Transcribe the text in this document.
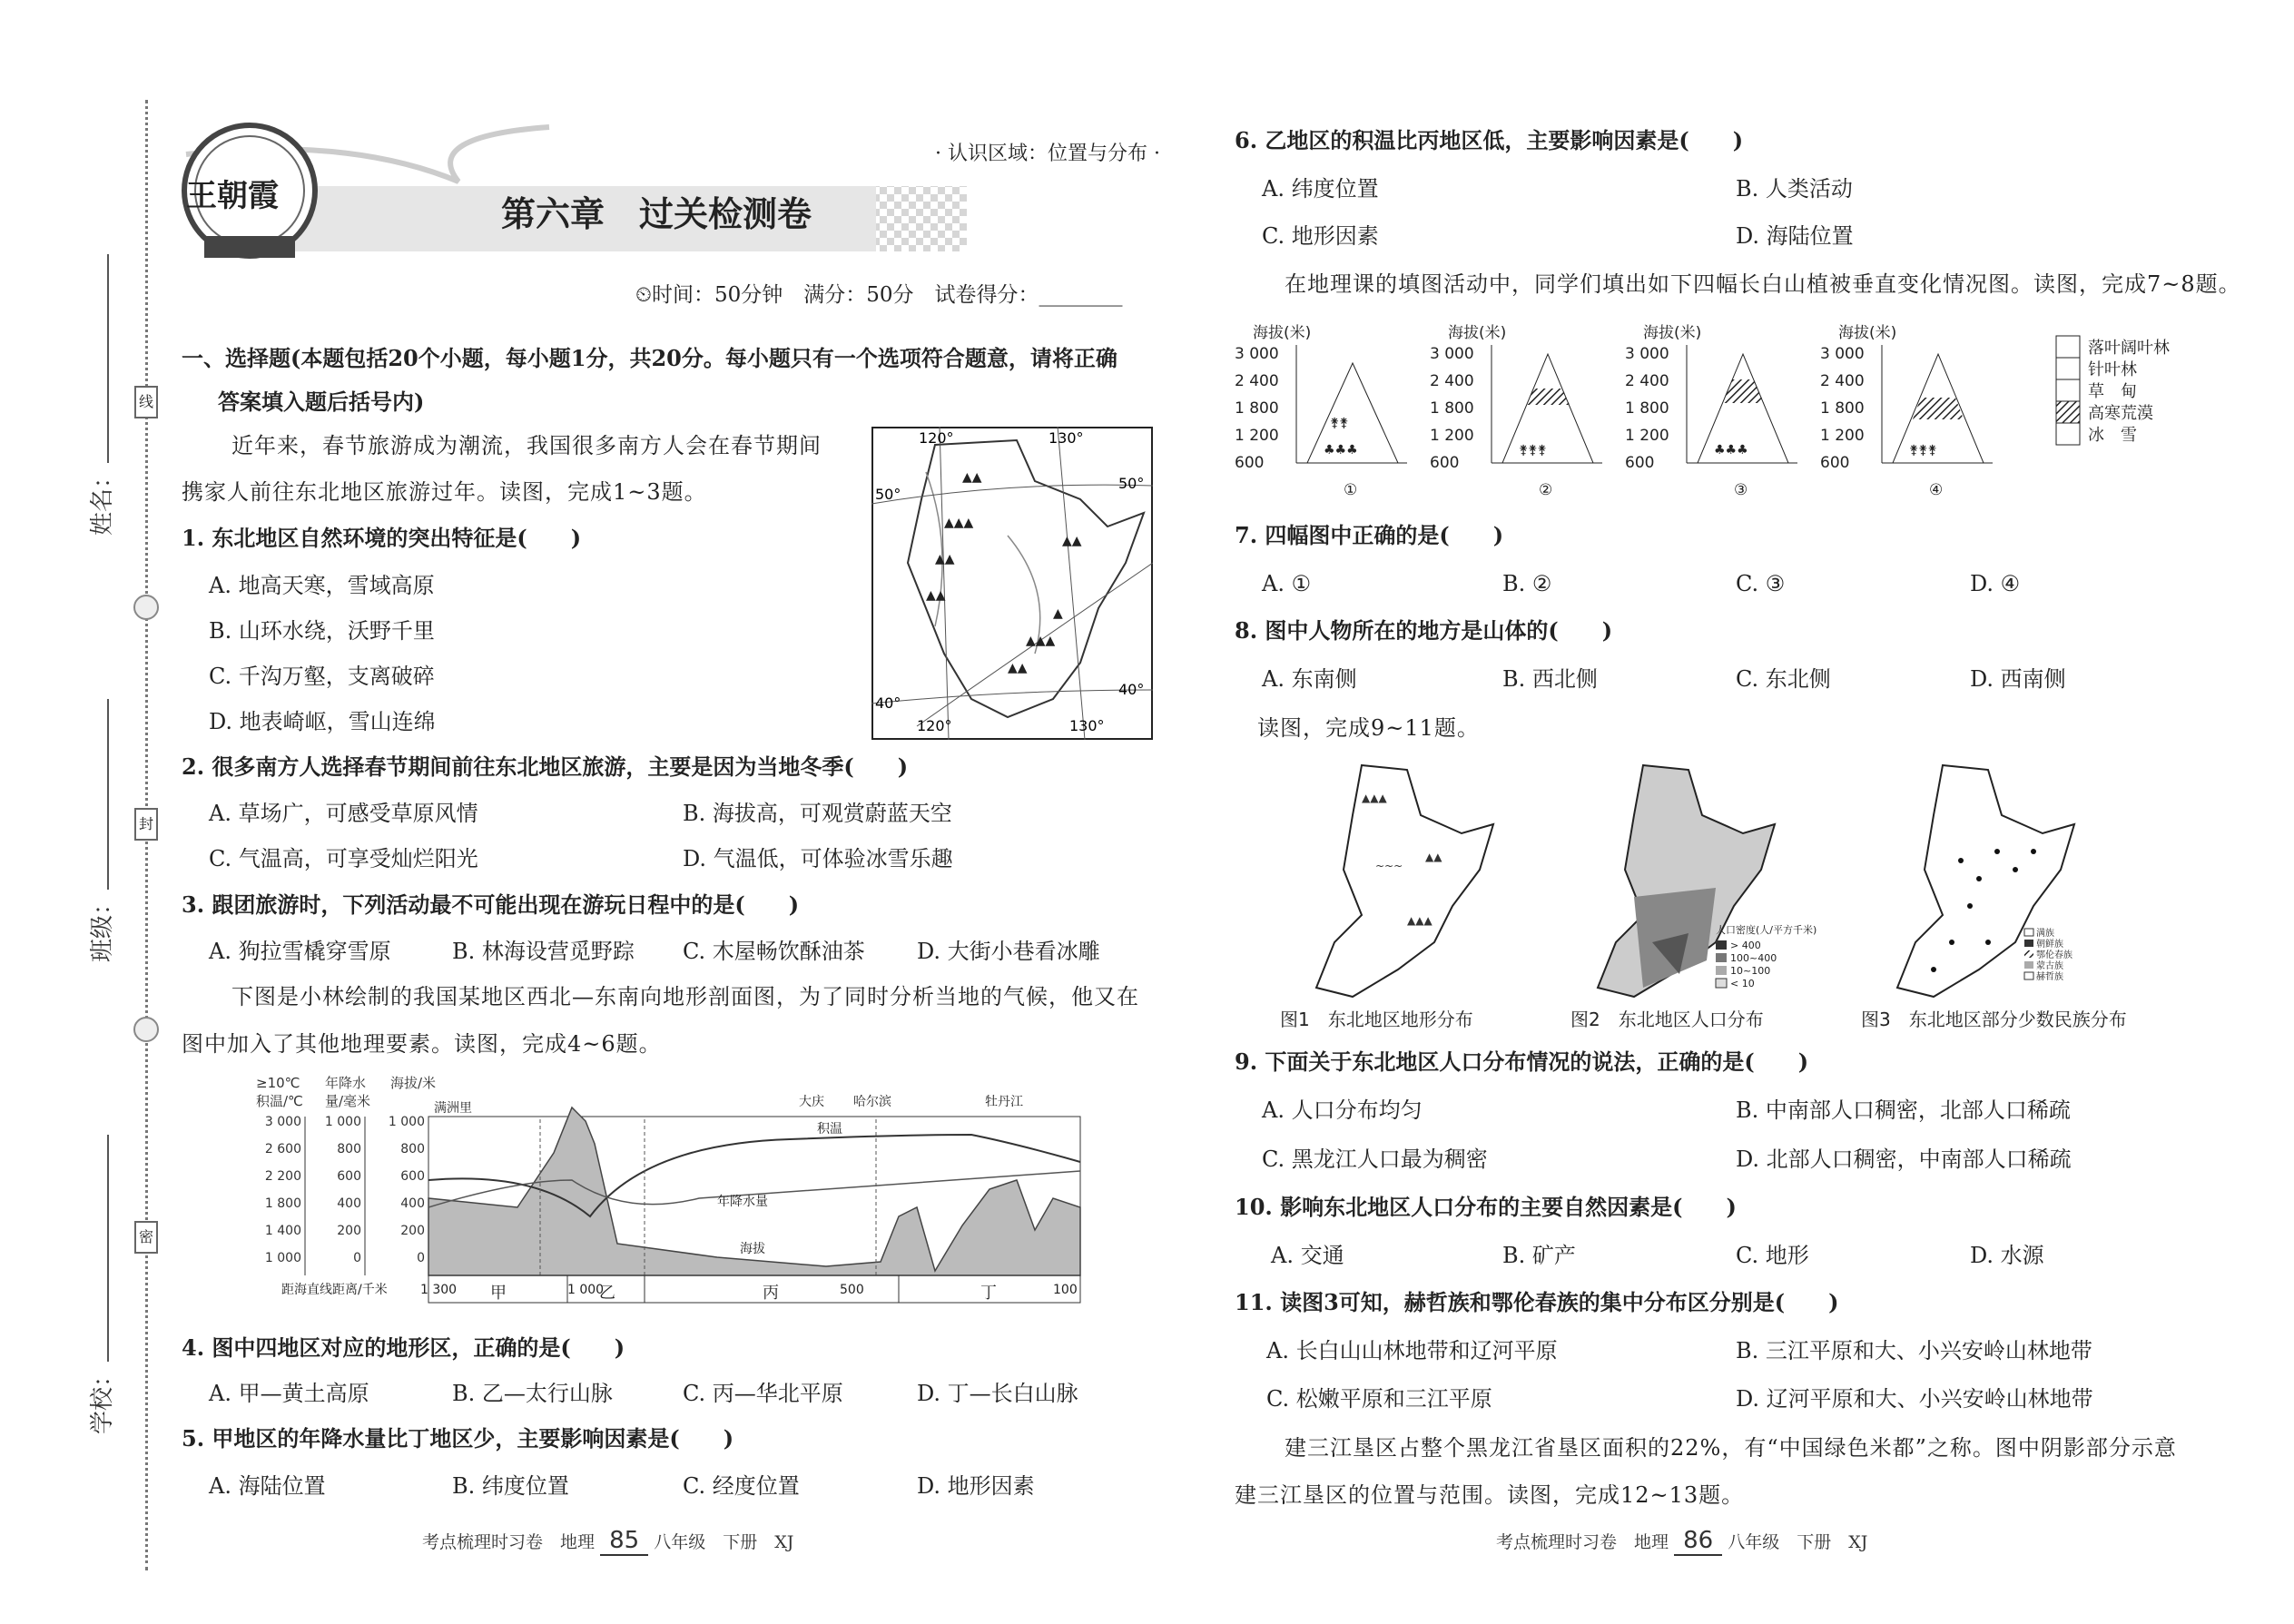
线
封
密
姓名：
班级：
学校：
王朝霞
· 认识区域：位置与分布 ·
第六章　过关检测卷
⏲时间：50分钟　满分：50分　试卷得分：________
一、选择题(本题包括20个小题，每小题1分，共20分。每小题只有一个选项符合题意，请将正确
答案填入题后括号内)
近年来，春节旅游成为潮流，我国很多南方人会在春节期间
携家人前往东北地区旅游过年。读图，完成1~3题。
▲▲
▲▲▲
▲▲
▲▲
▲▲
▲▲▲
▲▲
▲
120°	130°
50°
50°
40°
40°
120°	130°
1. 东北地区自然环境的突出特征是(　　)
A. 地高天寒，雪域高原
B. 山环水绕，沃野千里
C. 千沟万壑，支离破碎
D. 地表崎岖，雪山连绵
2. 很多南方人选择春节期间前往东北地区旅游，主要是因为当地冬季(　　)
A. 草场广，可感受草原风情	B. 海拔高，可观赏蔚蓝天空
C. 气温高，可享受灿烂阳光	D. 气温低，可体验冰雪乐趣
3. 跟团旅游时，下列活动最不可能出现在游玩日程中的是(　　)
A. 狗拉雪橇穿雪原	B. 林海设营觅野踪 C. 木屋畅饮酥油茶 D. 大街小巷看冰雕
下图是小林绘制的我国某地区西北—东南向地形剖面图，为了同时分析当地的气候，他又在
图中加入了其他地理要素。读图，完成4~6题。
≥10℃
积温/℃
年降水
量/毫米
海拔/米
3 000
2 600
2 200
1 800
1 400
1 000
1 000
800
600
400
200
0
1 000
800
600
400
200
0
满洲里	大庆 哈尔滨	牡丹江
积温
年降水量
海拔
距海直线距离/千米	1 300	1 000	500	100
甲	乙	丙	丁
4. 图中四地区对应的地形区，正确的是(　　)
A. 甲—黄土高原	B. 乙—太行山脉	C. 丙—华北平原	D. 丁—长白山脉
5. 甲地区的年降水量比丁地区少，主要影响因素是(　　)
A. 海陆位置	B. 纬度位置	C. 经度位置	D. 地形因素
考点梳理时习卷　地理 85 八年级　下册　XJ
6. 乙地区的积温比丙地区低，主要影响因素是(　　)
A. 纬度位置	B. 人类活动
C. 地形因素	D. 海陆位置
在地理课的填图活动中，同学们填出如下四幅长白山植被垂直变化情况图。读图，完成7~8题。
海拔(米)
3 000
2 400
1 800
1 200
600
♣♣♣
⚵⚵
①
海拔(米)
3 000
2 400
1 800
1 200
600
⚵⚵⚵
②
海拔(米)
3 000
2 400
1 800
1 200
600
♣♣♣
③
海拔(米)
3 000
2 400
1 800
1 200
600
⚵⚵⚵
④
落叶阔叶林
针叶林
草　甸
高寒荒漠
冰　雪
7. 四幅图中正确的是(　　)
A. ①	B. ②	C. ③	D. ④
8. 图中人物所在的地方是山体的(　　)
A. 东南侧	B. 西北侧	C. 东北侧	D. 西南侧
读图，完成9~11题。
▲▲▲
▲▲
▲▲▲
~~~
人口密度(人/平方千米)
> 400
100~400
10~100
< 10
满族
朝鲜族
鄂伦春族
蒙古族
赫哲族
图1　东北地区地形分布	图2　东北地区人口分布	图3　东北地区部分少数民族分布
9. 下面关于东北地区人口分布情况的说法，正确的是(　　)
A. 人口分布均匀	B. 中南部人口稠密，北部人口稀疏
C. 黑龙江人口最为稠密	D. 北部人口稠密，中南部人口稀疏
10. 影响东北地区人口分布的主要自然因素是(　　)
A. 交通	B. 矿产	C. 地形	D. 水源
11. 读图3可知，赫哲族和鄂伦春族的集中分布区分别是(　　)
A. 长白山山林地带和辽河平原	B. 三江平原和大、小兴安岭山林地带
C. 松嫩平原和三江平原	D. 辽河平原和大、小兴安岭山林地带
建三江垦区占整个黑龙江省垦区面积的22%，有“中国绿色米都”之称。图中阴影部分示意
建三江垦区的位置与范围。读图，完成12~13题。
考点梳理时习卷　地理 86 八年级　下册　XJ
